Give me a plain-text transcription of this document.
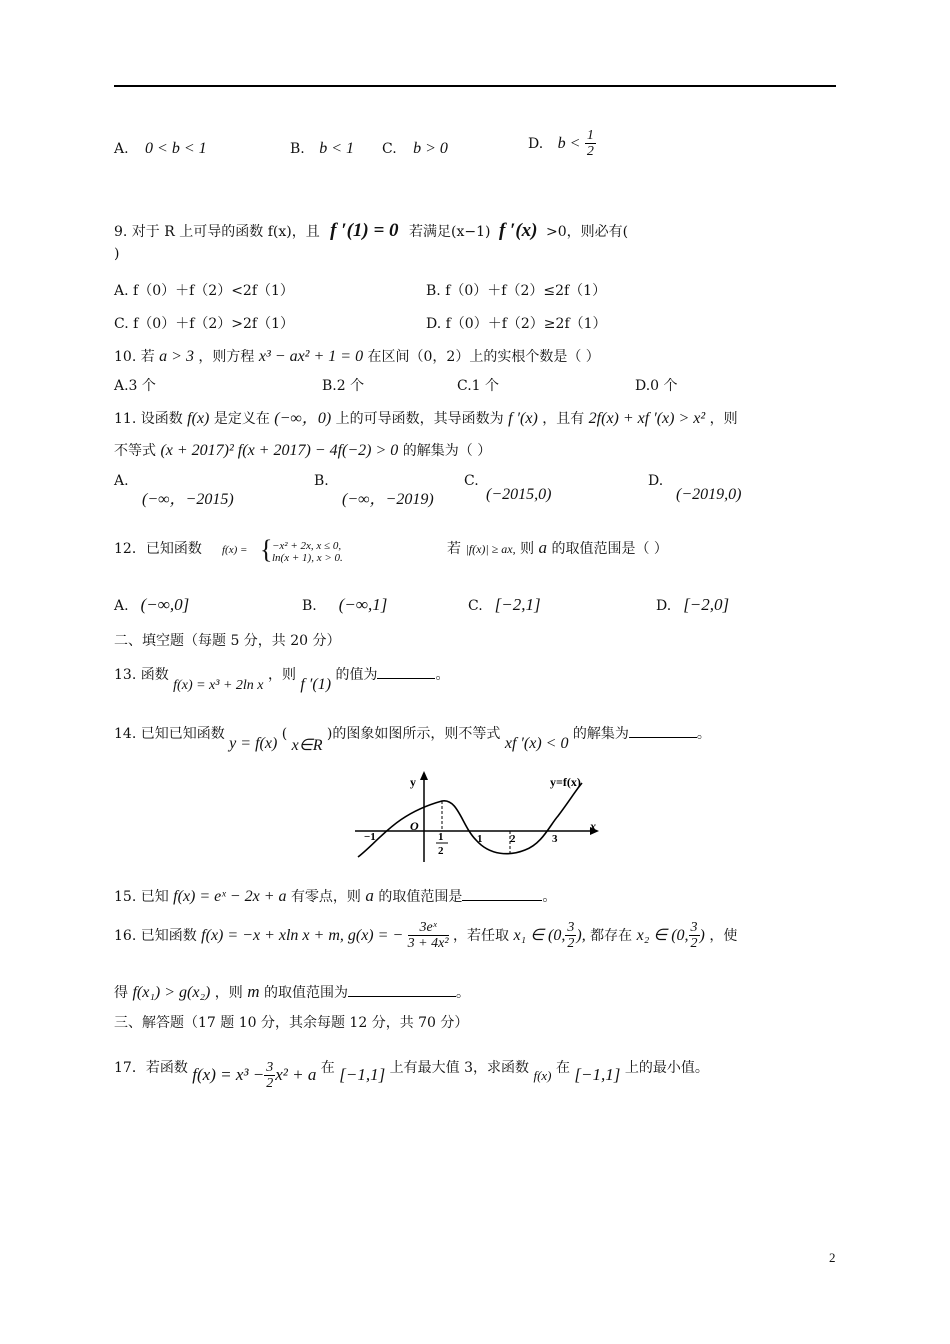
A. 0 < b < 1	B. b < 1 C. b > 0	D. $b < \frac{1}{2}$
9. 对于 R 上可导的函数 f(x)，且 f ′(1) = 0 若满足(x−1) f ′(x) >0，则必有(
)
A. f（0）＋f（2）<2f（1）	B. f（0）＋f（2）≤2f（1）
C. f（0）＋f（2）>2f（1）	D. f（0）＋f（2）≥2f（1）
10. 若 a > 3 ，则方程 x³ − ax² + 1 = 0 在区间（0，2）上的实根个数是（ ）
A.3 个	B.2 个	C.1 个	D.0 个
11. 设函数 f(x) 是定义在 (−∞，0) 上的可导函数，其导函数为 f ′(x) ，且有 2f(x) + xf ′(x) > x² ，则
不等式 (x + 2017)² f(x + 2017) − 4f(−2) > 0 的解集为（ ）
A.
(−∞，−2015)
B.
(−∞，−2019)
C.
(−2015,0)
D.
(−2019,0)
12．已知函数 f(x) = { −x² + 2x, x ≤ 0,
ln(x + 1), x > 0.
若 |f(x)| ≥ ax, 则 a 的取值范围是（ ）
A. (−∞,0]	B. (−∞,1]	C. [−2,1]	D. [−2,0]
二、填空题（每题 5 分，共 20 分）
13. 函数 f(x) = x³ + 2ln x ，则 f ′(1) 的值为	。
14. 已知已知函数 y = f(x) ( x∈R )的图象如图所示，则不等式 xf ′(x) < 0 的解集为	。
y
x
O
y=f(x)
−1	1
2
1	2	3
15. 已知 f(x) = eˣ − 2x + a 有零点，则 a 的取值范围是	。
16. 已知函数 f(x) = −x + xln x + m, g(x) = − $\frac{\text{3eˣ}}{\text{3 + 4x²}}$ ，若任取 x₁ ∈ (0, $\frac{3}{2}$ ), 都存在 x₂ ∈ (0, $\frac{3}{2}$ ) ，使
得 f(x₁) > g(x₂) ，则 m 的取值范围为	。
三、解答题（17 题 10 分，其余每题 12 分，共 70 分）
17．若函数 $f(x) = x^3 - \frac{3}{2} x^2 + a$ 在 [−1,1] 上有最大值 3，求函数 f(x) 在 [−1,1] 上的最小值。
2
